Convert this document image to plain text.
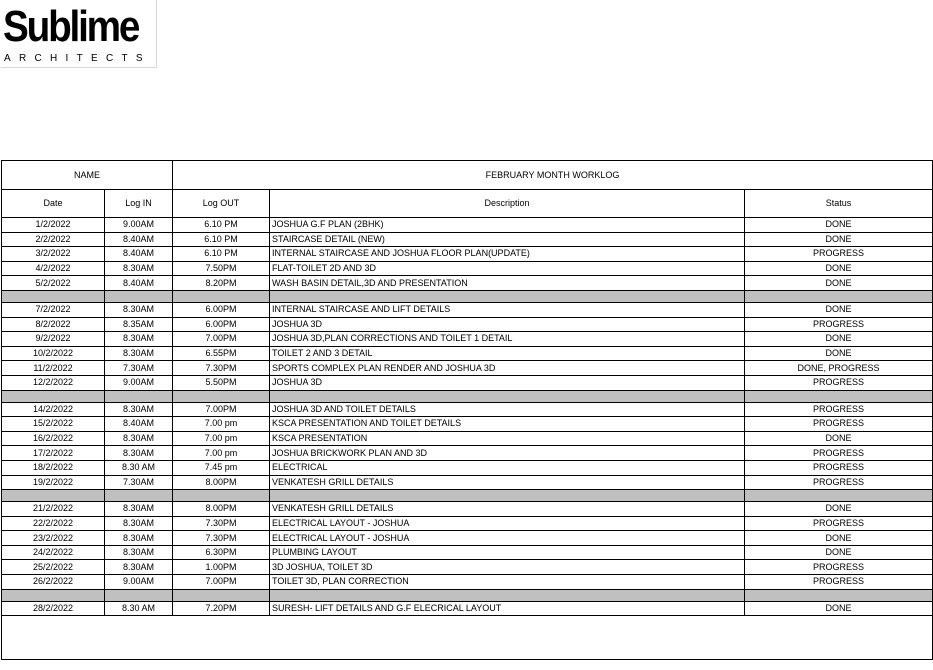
Sublime
ARCHITECTS
NAME		FEBRUARY MONTH WORKLOG		
Date	Log IN	Log OUT	Description	Status
1/2/2022	9.00AM	6.10 PM	JOSHUA G.F PLAN (2BHK)	DONE
2/2/2022	8.40AM	6.10 PM	STAIRCASE DETAIL (NEW)	DONE
3/2/2022	8.40AM	6.10 PM	INTERNAL STAIRCASE AND JOSHUA FLOOR PLAN(UPDATE)	PROGRESS
4/2/2022	8.30AM	7.50PM	FLAT-TOILET 2D AND 3D	DONE
5/2/2022	8.40AM	8.20PM	WASH BASIN DETAIL,3D AND PRESENTATION	DONE

7/2/2022	8.30AM	6.00PM	INTERNAL STAIRCASE AND LIFT DETAILS	DONE
8/2/2022	8.35AM	6.00PM	JOSHUA 3D	PROGRESS
9/2/2022	8.30AM	7.00PM	JOSHUA 3D,PLAN CORRECTIONS AND TOILET 1 DETAIL	DONE
10/2/2022	8.30AM	6.55PM	TOILET 2 AND 3 DETAIL	DONE
11/2/2022	7.30AM	7.30PM	SPORTS COMPLEX PLAN RENDER AND JOSHUA 3D	DONE, PROGRESS
12/2/2022	9.00AM	5.50PM	JOSHUA 3D	PROGRESS

14/2/2022	8.30AM	7.00PM	JOSHUA 3D AND TOILET DETAILS	PROGRESS
15/2/2022	8.40AM	7.00 pm	KSCA PRESENTATION AND TOILET DETAILS	PROGRESS
16/2/2022	8.30AM	7.00 pm	KSCA PRESENTATION	DONE
17/2/2022	8.30AM	7.00 pm	JOSHUA BRICKWORK PLAN AND 3D	PROGRESS
18/2/2022	8.30 AM	7.45 pm	ELECTRICAL	PROGRESS
19/2/2022	7.30AM	8.00PM	VENKATESH GRILL DETAILS	PROGRESS

21/2/2022	8.30AM	8.00PM	VENKATESH GRILL DETAILS	DONE
22/2/2022	8.30AM	7.30PM	ELECTRICAL LAYOUT - JOSHUA	PROGRESS
23/2/2022	8.30AM	7.30PM	ELECTRICAL LAYOUT - JOSHUA	DONE
24/2/2022	8.30AM	6.30PM	PLUMBING LAYOUT	DONE
25/2/2022	8.30AM	1.00PM	3D JOSHUA, TOILET 3D	PROGRESS
26/2/2022	9.00AM	7.00PM	TOILET 3D, PLAN CORRECTION	PROGRESS

28/2/2022	8.30 AM	7.20PM	SURESH- LIFT DETAILS AND G.F ELECRICAL LAYOUT	DONE
